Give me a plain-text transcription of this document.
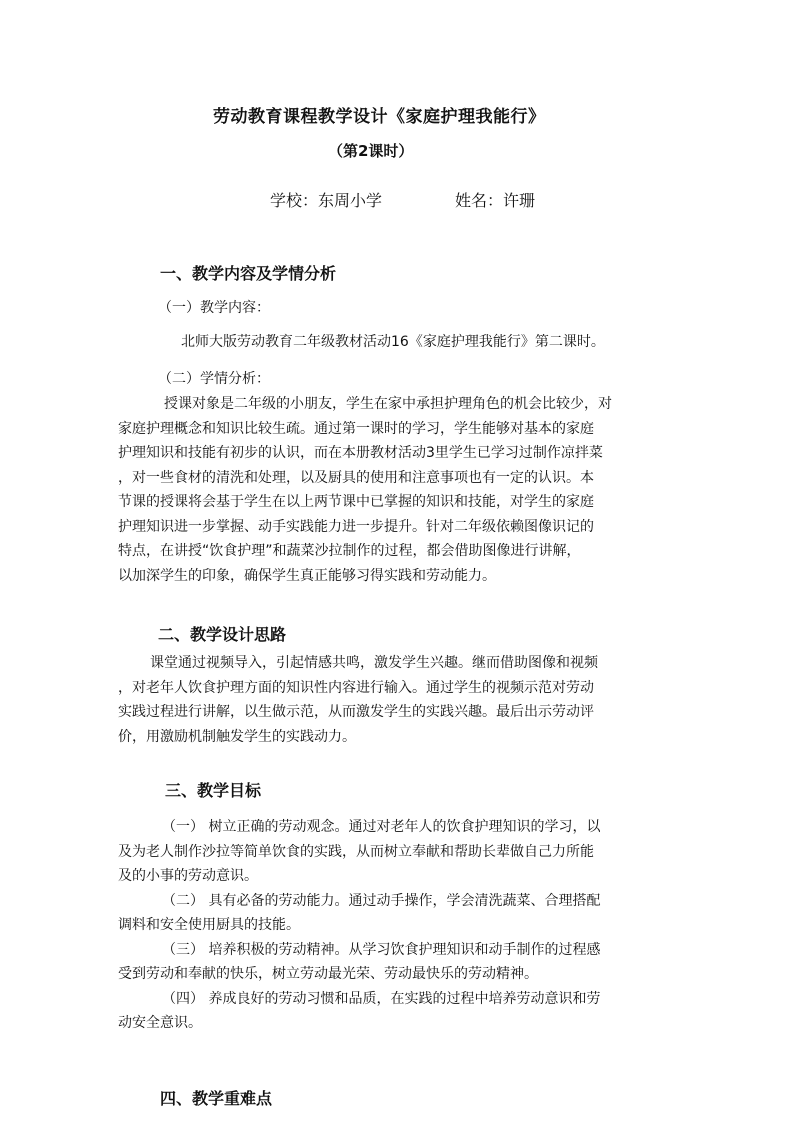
劳动教育课程教学设计《家庭护理我能行》
（第2课时）
学校：东周小学	姓名：许珊
一、教学内容及学情分析
（一）教学内容：
北师大版劳动教育二年级教材活动16《家庭护理我能行》第二课时。
（二）学情分析：
授课对象是二年级的小朋友，学生在家中承担护理角色的机会比较少，对
家庭护理概念和知识比较生疏。通过第一课时的学习，学生能够对基本的家庭
护理知识和技能有初步的认识，而在本册教材活动3里学生已学习过制作凉拌菜
，对一些食材的清洗和处理，以及厨具的使用和注意事项也有一定的认识。本
节课的授课将会基于学生在以上两节课中已掌握的知识和技能，对学生的家庭
护理知识进一步掌握、动手实践能力进一步提升。针对二年级依赖图像识记的
特点，在讲授“饮食护理”和蔬菜沙拉制作的过程，都会借助图像进行讲解，
以加深学生的印象，确保学生真正能够习得实践和劳动能力。
二、教学设计思路
课堂通过视频导入，引起情感共鸣，激发学生兴趣。继而借助图像和视频
，对老年人饮食护理方面的知识性内容进行输入。通过学生的视频示范对劳动
实践过程进行讲解，以生做示范，从而激发学生的实践兴趣。最后出示劳动评
价，用激励机制触发学生的实践动力。
三、教学目标
（一） 树立正确的劳动观念。通过对老年人的饮食护理知识的学习，以
及为老人制作沙拉等简单饮食的实践，从而树立奉献和帮助长辈做自己力所能
及的小事的劳动意识。
（二） 具有必备的劳动能力。通过动手操作，学会清洗蔬菜、合理搭配
调料和安全使用厨具的技能。
（三） 培养积极的劳动精神。从学习饮食护理知识和动手制作的过程感
受到劳动和奉献的快乐，树立劳动最光荣、劳动最快乐的劳动精神。
（四） 养成良好的劳动习惯和品质，在实践的过程中培养劳动意识和劳
动安全意识。
四、教学重难点
